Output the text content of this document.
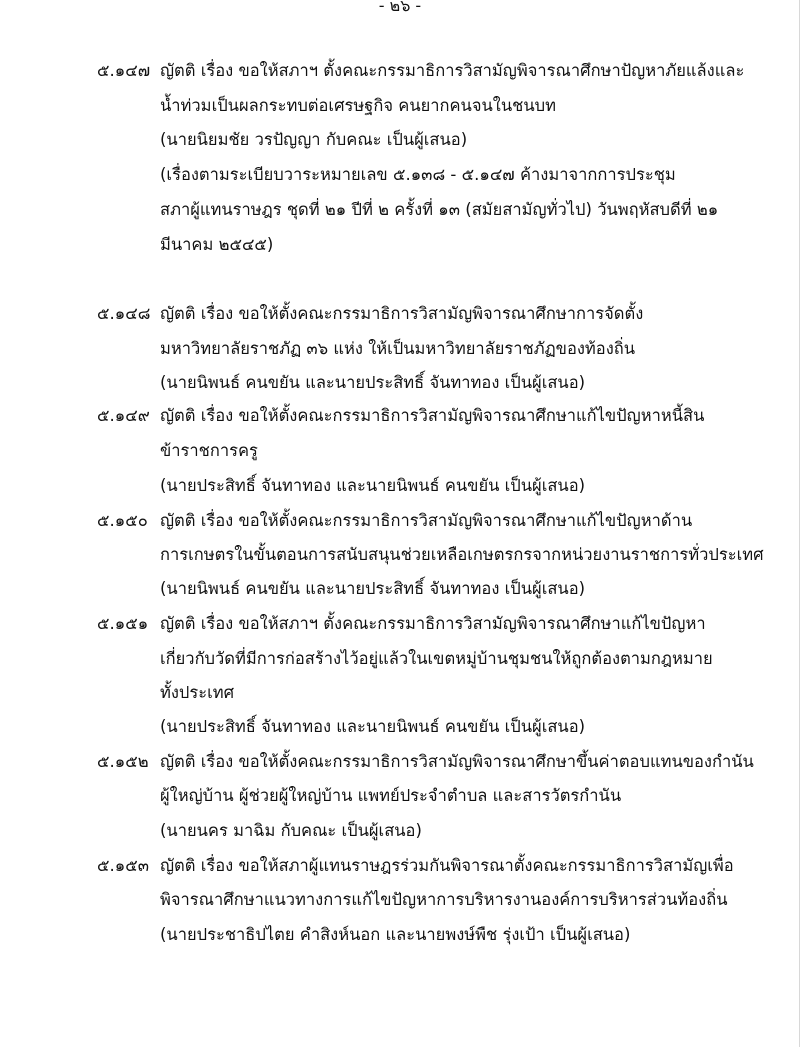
- ๒๖ -
๕.๑๔๗ ญัตติ เรื่อง ขอให้สภาฯ ตั้งคณะกรรมาธิการวิสามัญพิจารณาศึกษาปัญหาภัยแล้งและ
น้ำท่วมเป็นผลกระทบต่อเศรษฐกิจ คนยากคนจนในชนบท
(นายนิยมชัย วรปัญญา กับคณะ เป็นผู้เสนอ)
(เรื่องตามระเบียบวาระหมายเลข ๕.๑๓๘ - ๕.๑๔๗ ค้างมาจากการประชุม
สภาผู้แทนราษฎร ชุดที่ ๒๑ ปีที่ ๒ ครั้งที่ ๑๓ (สมัยสามัญทั่วไป) วันพฤหัสบดีที่ ๒๑
มีนาคม ๒๕๔๕)
๕.๑๔๘ ญัตติ เรื่อง ขอให้ตั้งคณะกรรมาธิการวิสามัญพิจารณาศึกษาการจัดตั้ง
มหาวิทยาลัยราชภัฏ ๓๖ แห่ง ให้เป็นมหาวิทยาลัยราชภัฏของท้องถิ่น
(นายนิพนธ์ คนขยัน และนายประสิทธิ์ จันทาทอง เป็นผู้เสนอ)
๕.๑๔๙ ญัตติ เรื่อง ขอให้ตั้งคณะกรรมาธิการวิสามัญพิจารณาศึกษาแก้ไขปัญหาหนี้สิน
ข้าราชการครู
(นายประสิทธิ์ จันทาทอง และนายนิพนธ์ คนขยัน เป็นผู้เสนอ)
๕.๑๕๐ ญัตติ เรื่อง ขอให้ตั้งคณะกรรมาธิการวิสามัญพิจารณาศึกษาแก้ไขปัญหาด้าน
การเกษตรในขั้นตอนการสนับสนุนช่วยเหลือเกษตรกรจากหน่วยงานราชการทั่วประเทศ
(นายนิพนธ์ คนขยัน และนายประสิทธิ์ จันทาทอง เป็นผู้เสนอ)
๕.๑๕๑ ญัตติ เรื่อง ขอให้สภาฯ ตั้งคณะกรรมาธิการวิสามัญพิจารณาศึกษาแก้ไขปัญหา
เกี่ยวกับวัดที่มีการก่อสร้างไว้อยู่แล้วในเขตหมู่บ้านชุมชนให้ถูกต้องตามกฎหมาย
ทั้งประเทศ
(นายประสิทธิ์ จันทาทอง และนายนิพนธ์ คนขยัน เป็นผู้เสนอ)
๕.๑๕๒ ญัตติ เรื่อง ขอให้ตั้งคณะกรรมาธิการวิสามัญพิจารณาศึกษาขึ้นค่าตอบแทนของกำนัน
ผู้ใหญ่บ้าน ผู้ช่วยผู้ใหญ่บ้าน แพทย์ประจำตำบล และสารวัตรกำนัน
(นายนคร มาฉิม กับคณะ เป็นผู้เสนอ)
๕.๑๕๓ ญัตติ เรื่อง ขอให้สภาผู้แทนราษฎรร่วมกันพิจารณาตั้งคณะกรรมาธิการวิสามัญเพื่อ
พิจารณาศึกษาแนวทางการแก้ไขปัญหาการบริหารงานองค์การบริหารส่วนท้องถิ่น
(นายประชาธิปไตย คำสิงห์นอก และนายพงษ์พืช รุ่งเป้า เป็นผู้เสนอ)
